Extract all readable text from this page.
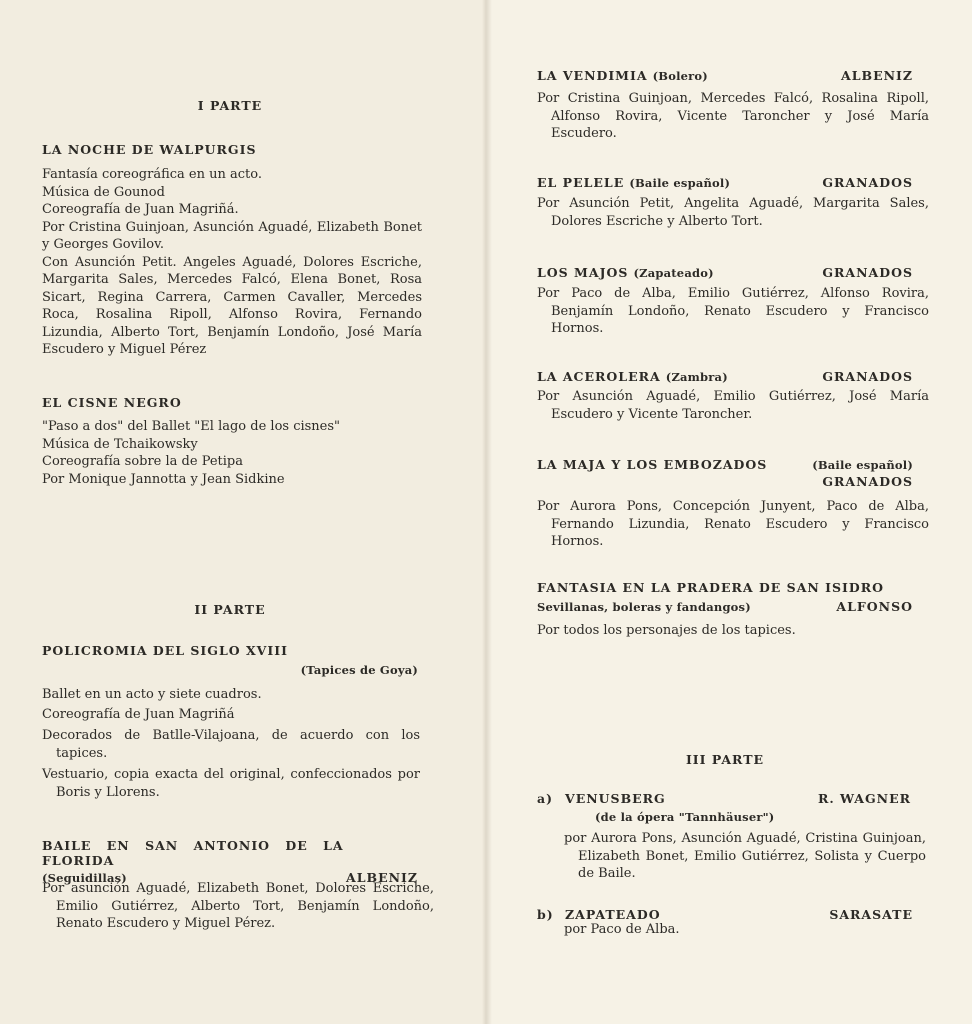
I PARTE
LA NOCHE DE WALPURGIS

Fantasía coreográfica en un acto.

Música de Gounod

Coreografía de Juan Magriñá.

Por Cristina Guinjoan, Asunción Aguadé, Elizabeth Bonet y Georges Govilov.

Con Asunción Petit. Angeles Aguadé, Dolores Escriche, Margarita Sales, Mercedes Falcó, Elena Bonet, Rosa Sicart, Regina Carrera, Carmen Cavaller, Mercedes Roca, Rosalina Ripoll, Alfonso Rovira, Fernando Lizundia, Alberto Tort, Benjamín Londoño, José María Escudero y Miguel Pérez

EL CISNE NEGRO

"Paso a dos" del Ballet "El lago de los cisnes"

Música de Tchaikowsky

Coreografía sobre la de Petipa

Por Monique Jannotta y Jean Sidkine

II PARTE
POLICROMIA DEL SIGLO XVIII
(Tapices de Goya)

Ballet en un acto y siete cuadros.

Coreografía de Juan Magriñá

Decorados de Batlle-Vilajoana, de acuerdo con los tapices.

Vestuario, copia exacta del original, confeccionados por Boris y Llorens.

BAILE EN SAN ANTONIO DE LA FLORIDA
(Seguidillas)	ALBENIZ
Por asunción Aguadé, Elizabeth Bonet, Dolores Escriche, Emilio Gutiérrez, Alberto Tort, Benjamín Londoño, Renato Escudero y Miguel Pérez.
LA VENDIMIA (Bolero)	ALBENIZ
Por Cristina Guinjoan, Mercedes Falcó, Rosalina Ripoll, Alfonso Rovira, Vicente Taroncher y José María Escudero.
EL PELELE (Baile español)	GRANADOS
Por Asunción Petit, Angelita Aguadé, Margarita Sales, Dolores Escriche y Alberto Tort.
LOS MAJOS (Zapateado)	GRANADOS
Por Paco de Alba, Emilio Gutiérrez, Alfonso Rovira, Benjamín Londoño, Renato Escudero y Francisco Hornos.
LA ACEROLERA (Zambra)	GRANADOS
Por Asunción Aguadé, Emilio Gutiérrez, José María Escudero y Vicente Taroncher.
LA MAJA Y LOS EMBOZADOS	(Baile español)
GRANADOS
Por Aurora Pons, Concepción Junyent, Paco de Alba, Fernando Lizundia, Renato Escudero y Francisco Hornos.
FANTASIA EN LA PRADERA DE SAN ISIDRO
Sevillanas, boleras y fandangos)	ALFONSO
Por todos los personajes de los tapices.
III PARTE
a) VENUSBERG	R. WAGNER
(de la ópera "Tannhäuser")
por Aurora Pons, Asunción Aguadé, Cristina Guinjoan, Elizabeth Bonet, Emilio Gutiérrez, Solista y Cuerpo de Baile.
b) ZAPATEADO	SARASATE
por Paco de Alba.
